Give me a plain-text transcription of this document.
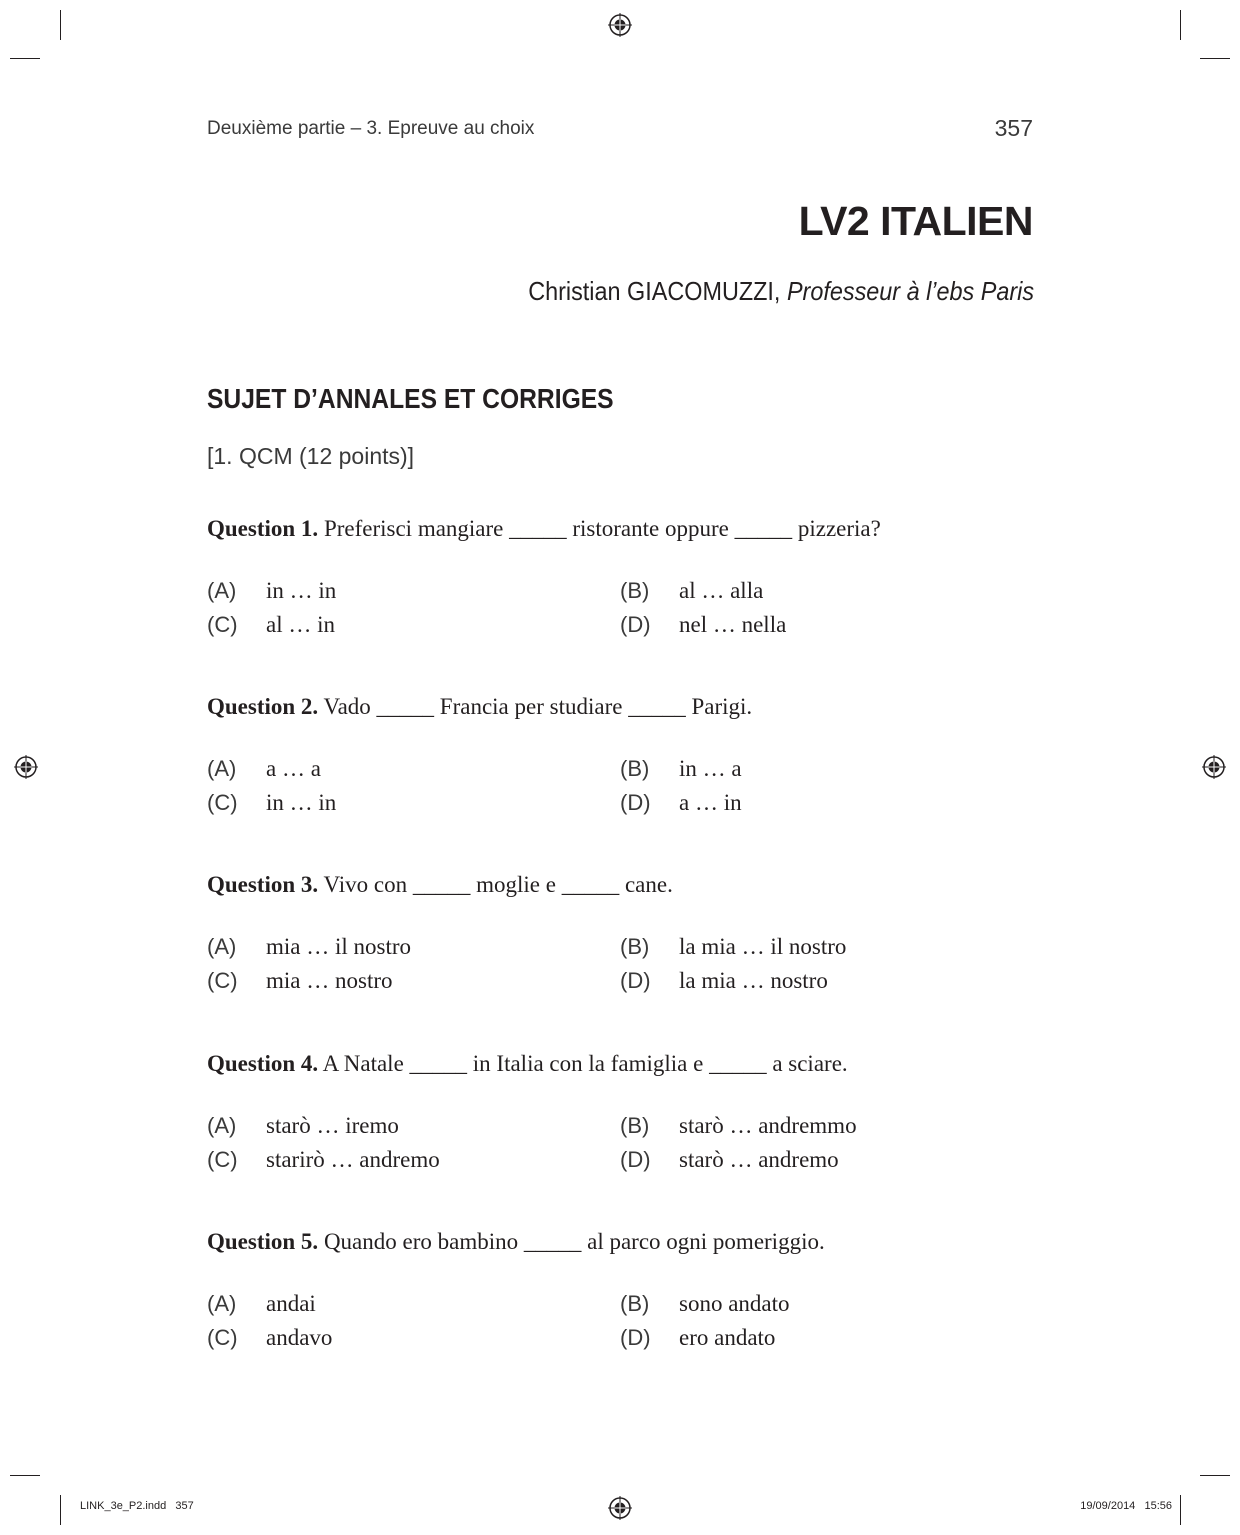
Deuxième partie – 3. Epreuve au choix	357
LV2 ITALIEN
Christian GIACOMUZZI, Professeur à l’ebs Paris
SUJET D’ANNALES ET CORRIGES
[1. QCM (12 points)]
Question 1. Preferisci mangiare _____ ristorante oppure _____ pizzeria?
(A) in … in	(B) al … alla
(C) al … in	(D) nel … nella
Question 2. Vado _____ Francia per studiare _____ Parigi.
(A) a … a	(B) in … a
(C) in … in	(D) a … in
Question 3. Vivo con _____ moglie e _____ cane.
(A) mia … il nostro	(B) la mia … il nostro
(C) mia … nostro	(D) la mia … nostro
Question 4. A Natale _____ in Italia con la famiglia e _____ a sciare.
(A) starò … iremo	(B) starò … andremmo
(C) starirò … andremo	(D) starò … andremo
Question 5. Quando ero bambino _____ al parco ogni pomeriggio.
(A) andai	(B) sono andato
(C) andavo	(D) ero andato
LINK_3e_P2.indd   357	19/09/2014   15:56
